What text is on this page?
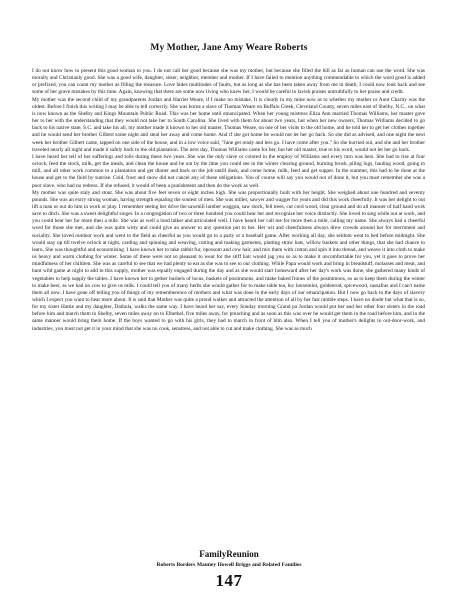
My Mother, Jane Amy Weare Roberts

I do not know how to present this good woman to you. I do not call her good because she was my mother, but because she filled the bill as far as human can use the word. She was morally and Christianly good. She was a good wife, daughter, sister, neighbor, member and mother. If I have failed to mention anything commendable to which the word good is added or prefixed, you can count my mother as filling the measure. Love hides multitudes of faults, but as long as she has been taken away from me in death, I could now look back and see some of her grave mistakes by this time. Again, knowing that there are some now living who knew her, I would be careful to lavish praises untruthfully to her praise and credit.

My mother was the second child of my grandparents Jordan and Harriet Weare, if I make no mistake. It is cloudy in my mine now as to whether my mother or Aunt Charity was the oldest. Before I finish this writing I may be able to tell correctly. She was borne a slave of Thomas Weare on Buffalo Creek, Cleveland County, seven miles east of Shelby, N.C., on what is now known as the Shelby and Kings Mountain Public Road. This was her home until emancipated. When her young mistress Eliza Ann married Thomas Williams, her master gave her to her with the understanding that they would not take her to South Carolina. She lived with them for about two years, but when her new owners, Thomas Williams decided to go back to his native state, S.C. and take his all, my mother made it known to her old master, Thomas Weare, on one of her visits to the old home, and he told her to get her clothes together and he would send her brother Gilbert some night and steal her away and come home. And if she got home he would not let her go back. So she did as advised, and one night the next week her brother Gilbert came, tapped on one side of the house, and in a low voice said, "Jane get ready and less go. I have come after you." So she hurried out, and she and her brother traveled nearly all night and made it safely back to the old plantation. The next day, Thomas Williams came for her, but her old master, true to his word, would not let her go back.

I have heard her tell of her sufferings and toils during these two years. She was the only slave or colored in the employ of Williams and every turn was hers. She had to rise at four oclock, feed the stock, milk, get the meals, and clean the house and be out by the time you could see in the winter clearing ground, burning brush, piling logs, hauling wood, going to mill, and all other work common to a plantation and get dinner and back on the job untill dusk, and come home, milk, feed and get supper. In the summer, this had to be done at the house and get to the field by sunrise. Cold, frost and snow did not cancel any of these obligations. You of course will say you would not of done it, but you must remember she was a poor slave, who had no redress. If she refused, it would of been a punishment and then do the work as well.

My mother was quite staly and stout. She was about five feet seven or eight inches high. She was proportionally built with her height. She weighed about one hundred and seventy pounds. She was an extry strong woman, having strength equaling the soutest of men. She was miller, sawyer and wagger for years and did this work cheerfully. It was her delight to out lift a man or out do him in work or play. I remember seeing her drive the sawmill lumber waggon, saw stock, fell trees, cut cord wood, clear ground and do all manner of half hand work save to ditch. She was a sweet delightful singer. In a congregation of two or three hundred you could hear her and recognize her voice distinctly. She loved to sing while out at work, and you could hear her for more then a mile. She was as well a loud talker and articulated well. I have heard her call me for more then a mile, calling my name. She always had a cheerful word for those she met, and she was quite witty and could give an answer to any question put to her. Her wit and cheerfulness always drew crowds around her for merriment and sociality. She loved outdoor work and went to the field as cheerful as you would go to a party or a baseball game. After working all day, she seldom went to bed before midnight. She would stay up till twelve oclock at night, carding and spinning and weaving, cutting and making garments, platting straw hats, willow baskets and other things, that she had chance to learn. She was thoughtful and economising. I have known her to take rabbit fur, opossom and cow hair, and mix them with cotton and spin it into thread, and weave it into cloth to make us heavy and warm clothing for winter. Some of these were not so pleasant to wear for the stiff hair would jag you so as to make it uncomfortable for you, yet it goes to prove her mindfulness of her children. She was as careful to see that we had plenty to eat as she was to see to our clothing. While Papa would work and bring in breadstuff, molasses and meat, and hunt wild game at night to add to this supply, mother was equally engaged during the day and as she would start homeward after her day's work was done, she gathered many kinds of vegetables to help supply the tables. I have known her to gether bushels of locus, baskets of posimmons, and make baked frones of the posimmons, so as to keep them during the winter to make beer, as we had no cow to give us milk. I could tell you of many herbs she would gather for to make table tea, hu: horsemint, goldenrod, spicewood, sassafras and I can't name them all now. I have gone off telling you of things of my rememberence of mothers and what was done in the early days of our emancipation. But I now go back to the days of slavery which I expect you want to hear more about. It is said that Mother was quite a proud walker and attracted the attention of all by her fast nimble steps. I have no doubt but what that is so, for my sister Hattie and my daughter, Dathula, walks the same way. I have heard her say, every Sunday morning Grand pa Jordan would put her and her other four sisters in the road before him and march them to Shelby, seven miles away on to Elbethel, five miles away, for preaching and as soon as this was over he would get them in the road before him, and in the same manner would bring them home. If the boys wanted to go with his girls, they had to march in front of him also. When I tell you of mother's delights to out-door-work, and industries, you must not get it in your mind that she was no cook, senstress, and not able to cut and make clothing. She was as much

FamilyReunion
Roberts Borders Mauney Howell Briggs and Related Families
147
